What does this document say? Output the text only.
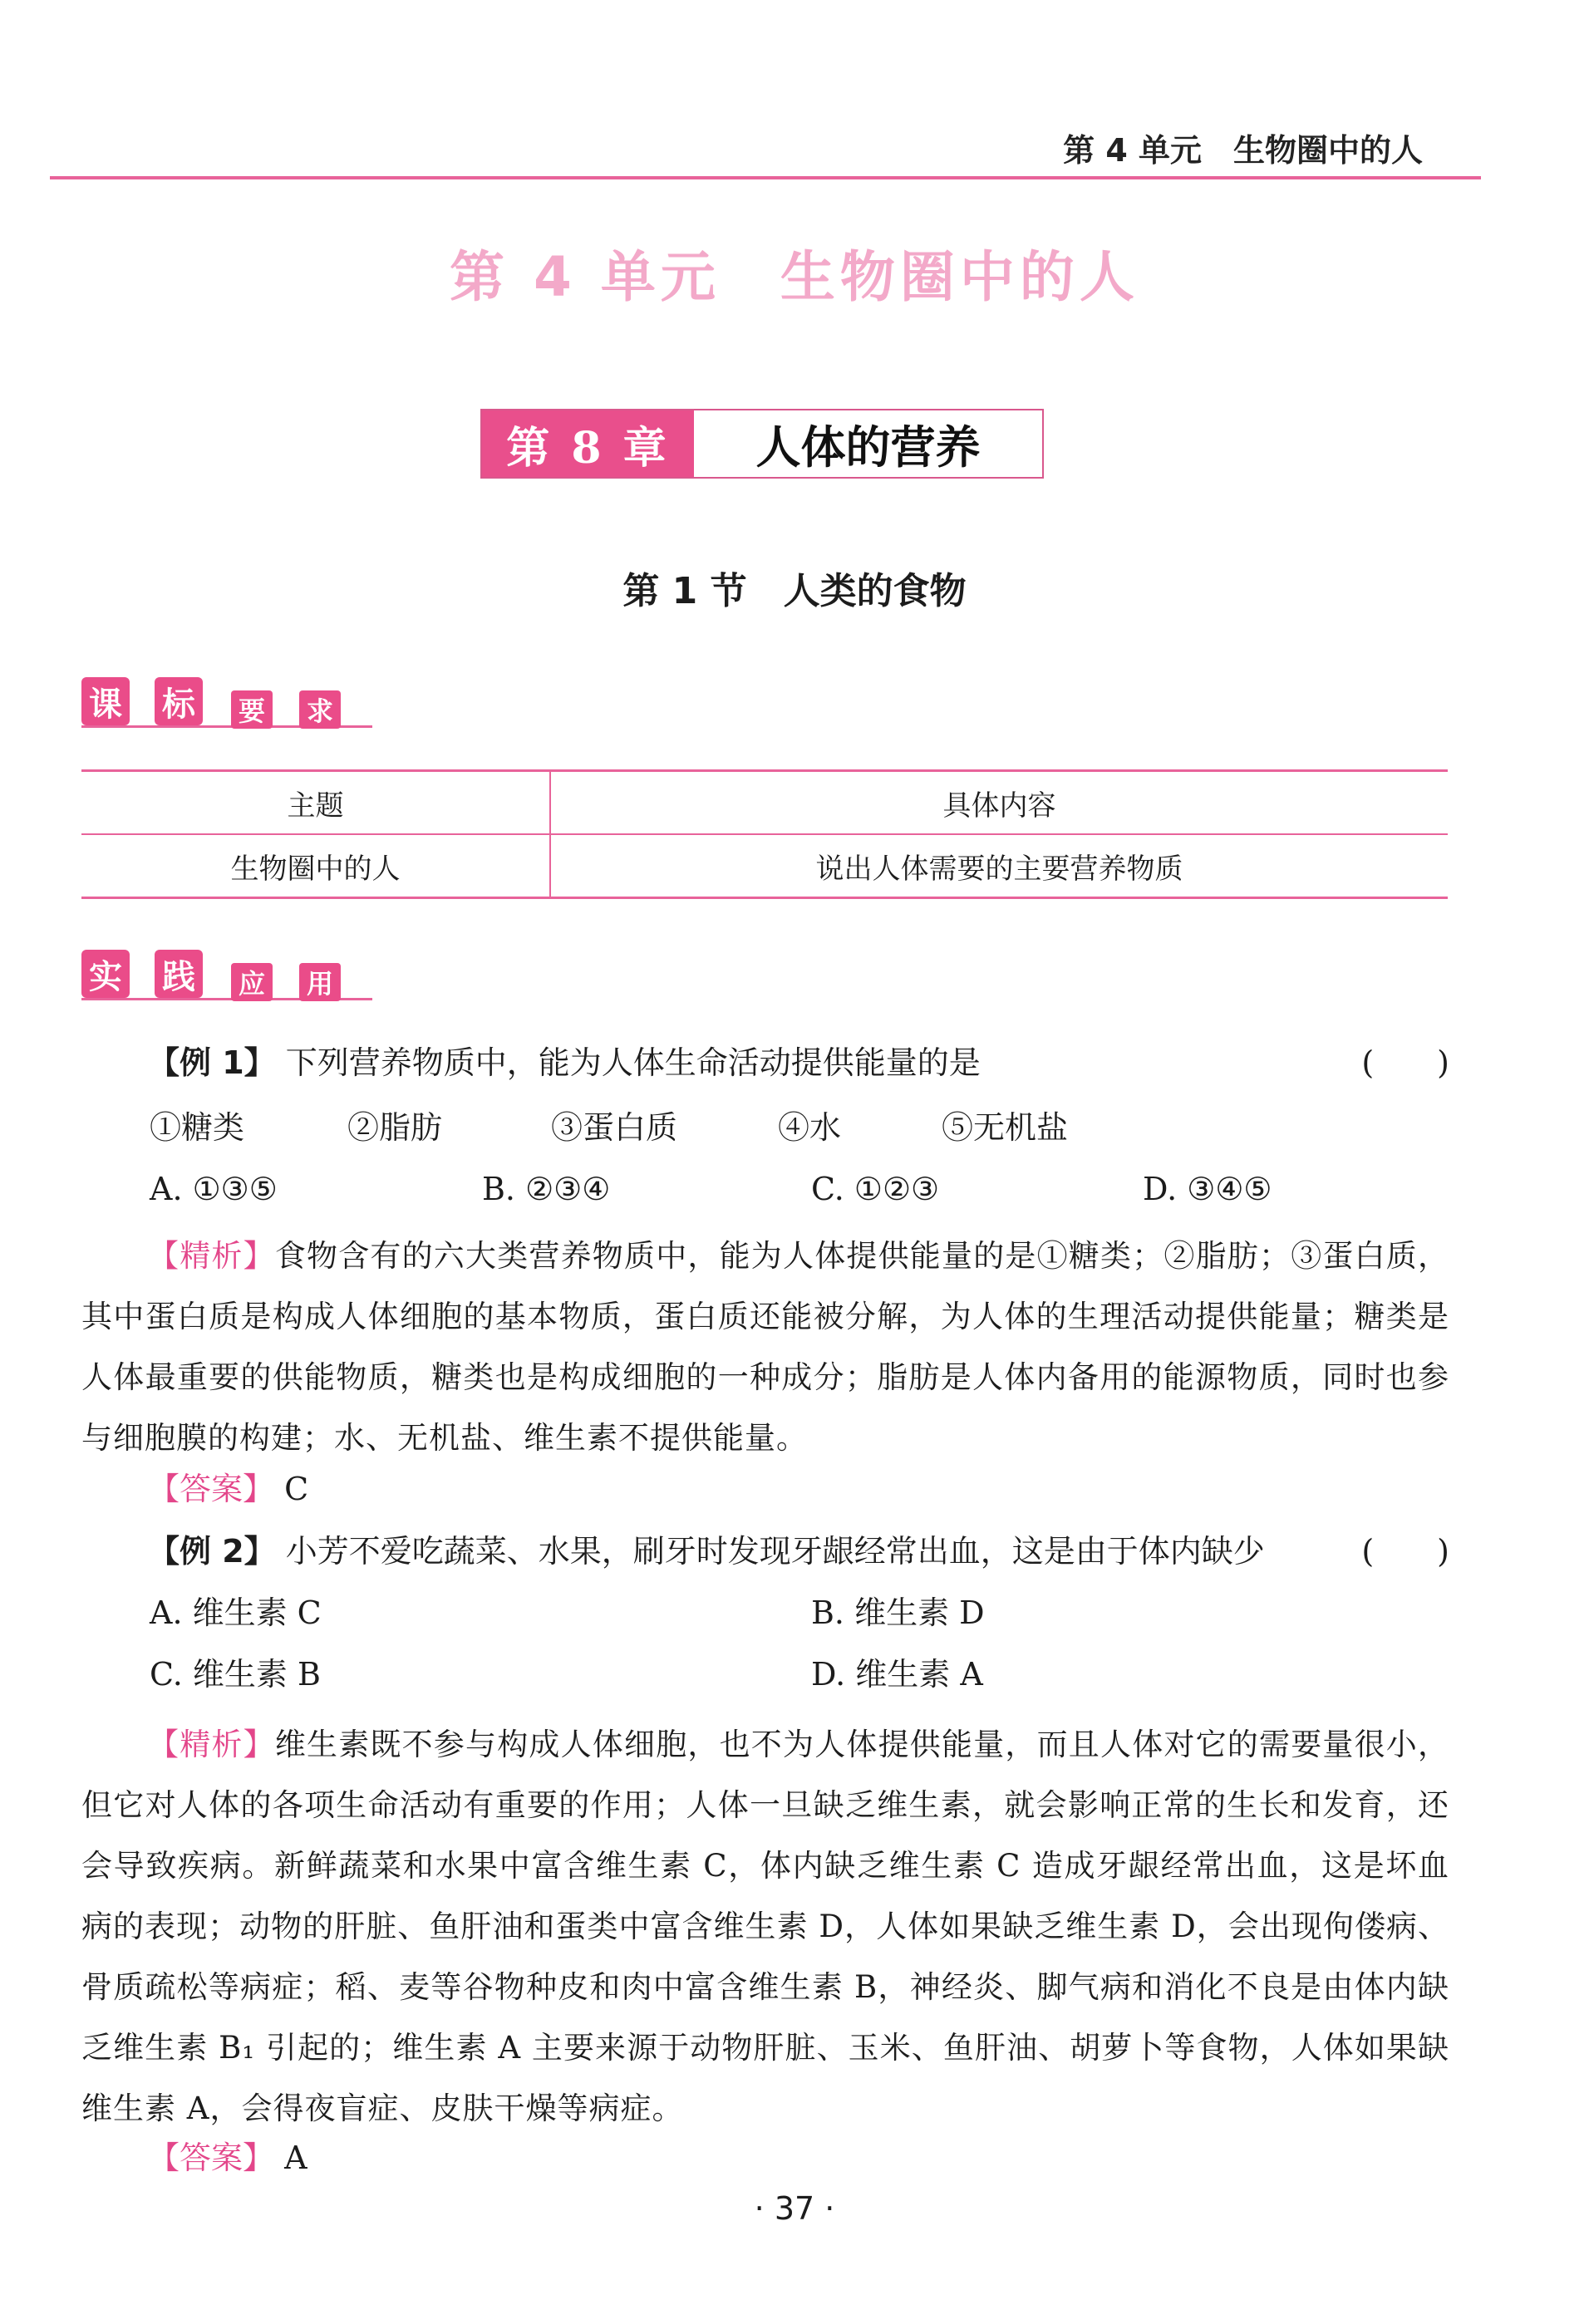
第 4 单元　生物圈中的人
第 4 单元　生物圈中的人
第 8 章	人体的营养
第 1 节　人类的食物
课 标 要 求
主题	具体内容
生物圈中的人	说出人体需要的主要营养物质
实 践 应 用
【例 1】 下列营养物质中，能为人体生命活动提供能量的是	(　　)
①糖类	②脂肪	③蛋白质	④水	⑤无机盐
A. ①③⑤	B. ②③④	C. ①②③	D. ③④⑤
【精析】食物含有的六大类营养物质中，能为人体提供能量的是①糖类；②脂肪；③蛋白质，其中蛋白质是构成人体细胞的基本物质，蛋白质还能被分解，为人体的生理活动提供能量；糖类是人体最重要的供能物质，糖类也是构成细胞的一种成分；脂肪是人体内备用的能源物质，同时也参与细胞膜的构建；水、无机盐、维生素不提供能量。
【答案】 C
【例 2】 小芳不爱吃蔬菜、水果，刷牙时发现牙龈经常出血，这是由于体内缺少	(　　)
A. 维生素 C	B. 维生素 D
C. 维生素 B	D. 维生素 A
【精析】维生素既不参与构成人体细胞，也不为人体提供能量，而且人体对它的需要量很小，但它对人体的各项生命活动有重要的作用；人体一旦缺乏维生素，就会影响正常的生长和发育，还会导致疾病。新鲜蔬菜和水果中富含维生素 C，体内缺乏维生素 C 造成牙龈经常出血，这是坏血病的表现；动物的肝脏、鱼肝油和蛋类中富含维生素 D，人体如果缺乏维生素 D，会出现佝偻病、骨质疏松等病症；稻、麦等谷物种皮和肉中富含维生素 B，神经炎、脚气病和消化不良是由体内缺乏维生素 B₁ 引起的；维生素 A 主要来源于动物肝脏、玉米、鱼肝油、胡萝卜等食物，人体如果缺维生素 A，会得夜盲症、皮肤干燥等病症。
【答案】 A
· 37 ·
